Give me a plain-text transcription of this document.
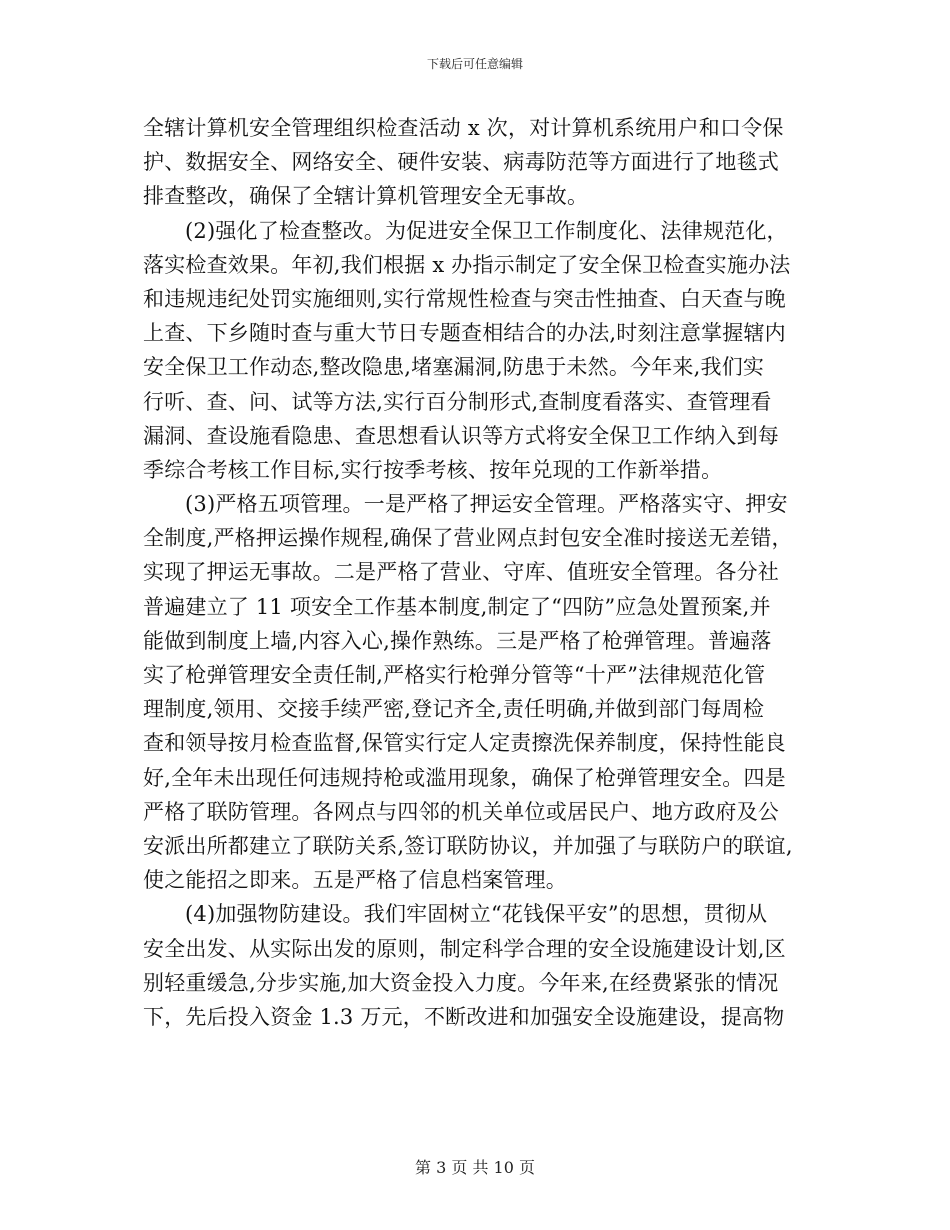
下载后可任意编辑
全辖计算机安全管理组织检查活动 x 次，对计算机系统用户和口令保
护、数据安全、网络安全、硬件安装、病毒防范等方面进行了地毯式
排查整改，确保了全辖计算机管理安全无事故。
(2)强化了检查整改。为促进安全保卫工作制度化、法律规范化，
落实检查效果。年初,我们根据 x 办指示制定了安全保卫检查实施办法
和违规违纪处罚实施细则,实行常规性检查与突击性抽查、白天查与晚
上查、下乡随时查与重大节日专题查相结合的办法,时刻注意掌握辖内
安全保卫工作动态,整改隐患,堵塞漏洞,防患于未然。今年来,我们实
行听、查、问、试等方法,实行百分制形式,查制度看落实、查管理看
漏洞、查设施看隐患、查思想看认识等方式将安全保卫工作纳入到每
季综合考核工作目标,实行按季考核、按年兑现的工作新举措。
(3)严格五项管理。一是严格了押运安全管理。严格落实守、押安
全制度,严格押运操作规程,确保了营业网点封包安全准时接送无差错，
实现了押运无事故。二是严格了营业、守库、值班安全管理。各分社
普遍建立了 11 项安全工作基本制度,制定了“四防”应急处置预案,并
能做到制度上墙,内容入心,操作熟练。三是严格了枪弹管理。普遍落
实了枪弹管理安全责任制,严格实行枪弹分管等“十严”法律规范化管
理制度,领用、交接手续严密,登记齐全,责任明确,并做到部门每周检
查和领导按月检查监督,保管实行定人定责擦洗保养制度，保持性能良
好,全年未出现任何违规持枪或滥用现象，确保了枪弹管理安全。四是
严格了联防管理。各网点与四邻的机关单位或居民户、地方政府及公
安派出所都建立了联防关系,签订联防协议，并加强了与联防户的联谊,
使之能招之即来。五是严格了信息档案管理。
(4)加强物防建设。我们牢固树立“花钱保平安”的思想，贯彻从
安全出发、从实际出发的原则，制定科学合理的安全设施建设计划,区
别轻重缓急,分步实施,加大资金投入力度。今年来,在经费紧张的情况
下，先后投入资金 1.3 万元，不断改进和加强安全设施建设，提高物
第 3 页 共 10 页
